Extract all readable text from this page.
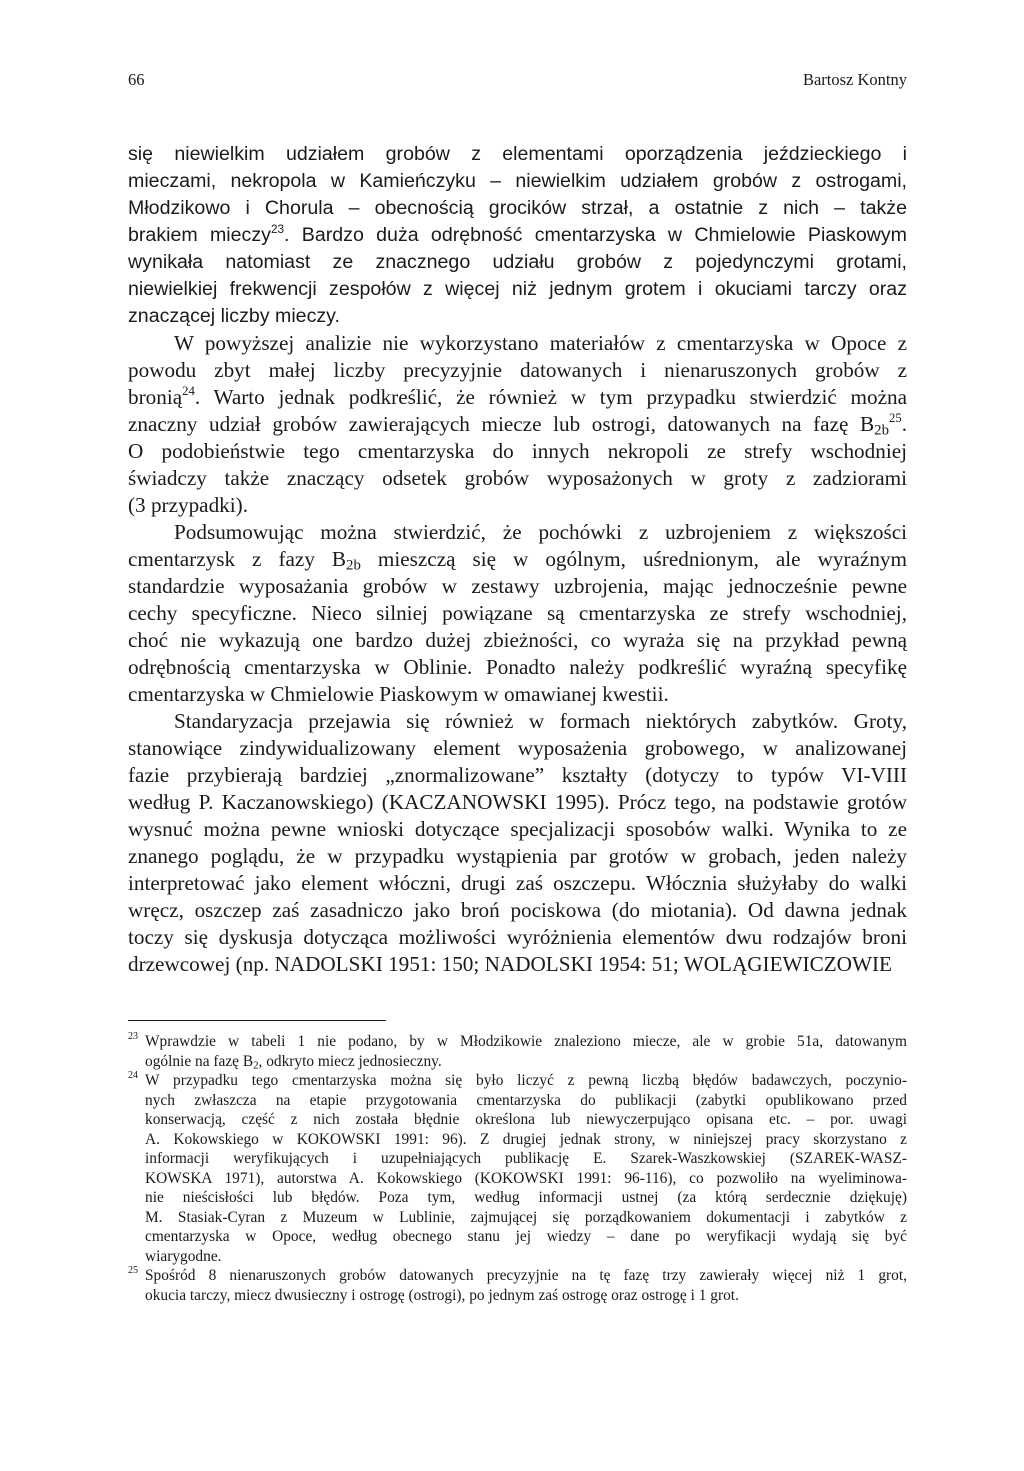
66	Bartosz Kontny
się niewielkim udziałem grobów z elementami oporządzenia jeździeckiego i
mieczami, nekropola w Kamieńczyku – niewielkim udziałem grobów z ostrogami,
Młodzikowo i Chorula – obecnością grocików strzał, a ostatnie z nich – także
brakiem mieczy$^{23}$. Bardzo duża odrębność cmentarzyska w Chmielowie Piaskowym
wynikała natomiast ze znacznego udziału grobów z pojedynczymi grotami,
niewielkiej frekwencji zespołów z więcej niż jednym grotem i okuciami tarczy oraz
znaczącej liczby mieczy.
W powyższej analizie nie wykorzystano materiałów z cmentarzyska w Opoce z
powodu zbyt małej liczby precyzyjnie datowanych i nienaruszonych grobów z
bronią$^{24}$. Warto jednak podkreślić, że również w tym przypadku stwierdzić można
znaczny udział grobów zawierających miecze lub ostrogi, datowanych na fazę $B_{2b}^{25}$.
O podobieństwie tego cmentarzyska do innych nekropoli ze strefy wschodniej
świadczy także znaczący odsetek grobów wyposażonych w groty z zadziorami
(3 przypadki).
Podsumowując można stwierdzić, że pochówki z uzbrojeniem z większości
cmentarzysk z fazy $B_{2b}$ mieszczą się w ogólnym, uśrednionym, ale wyraźnym
standardzie wyposażania grobów w zestawy uzbrojenia, mając jednocześnie pewne
cechy specyficzne. Nieco silniej powiązane są cmentarzyska ze strefy wschodniej,
choć nie wykazują one bardzo dużej zbieżności, co wyraża się na przykład pewną
odrębnością cmentarzyska w Oblinie. Ponadto należy podkreślić wyraźną specyfikę
cmentarzyska w Chmielowie Piaskowym w omawianej kwestii.
Standaryzacja przejawia się również w formach niektórych zabytków. Groty,
stanowiące zindywidualizowany element wyposażenia grobowego, w analizowanej
fazie przybierają bardziej „znormalizowane” kształty (dotyczy to typów VI-VIII
według P. Kaczanowskiego) (KACZANOWSKI 1995). Prócz tego, na podstawie grotów
wysnuć można pewne wnioski dotyczące specjalizacji sposobów walki. Wynika to ze
znanego poglądu, że w przypadku wystąpienia par grotów w grobach, jeden należy
interpretować jako element włóczni, drugi zaś oszczepu. Włócznia służyłaby do walki
wręcz, oszczep zaś zasadniczo jako broń pociskowa (do miotania). Od dawna jednak
toczy się dyskusja dotycząca możliwości wyróżnienia elementów dwu rodzajów broni
drzewcowej (np. NADOLSKI 1951: 150; NADOLSKI 1954: 51; WOLĄGIEWICZOWIE
23 Wprawdzie w tabeli 1 nie podano, by w Młodzikowie znaleziono miecze, ale w grobie 51a, datowanym
ogólnie na fazę $B_2$, odkryto miecz jednosieczny.
24 W przypadku tego cmentarzyska można się było liczyć z pewną liczbą błędów badawczych, poczynio-
nych zwłaszcza na etapie przygotowania cmentarzyska do publikacji (zabytki opublikowano przed
konserwacją, część z nich została błędnie określona lub niewyczerpująco opisana etc. – por. uwagi
A. Kokowskiego w KOKOWSKI 1991: 96). Z drugiej jednak strony, w niniejszej pracy skorzystano z
informacji weryfikujących i uzupełniających publikację E. Szarek-Waszkowskiej (SZAREK-WASZ-
KOWSKA 1971), autorstwa A. Kokowskiego (KOKOWSKI 1991: 96-116), co pozwoliło na wyeliminowa-
nie nieścisłości lub błędów. Poza tym, według informacji ustnej (za którą serdecznie dziękuję)
M. Stasiak-Cyran z Muzeum w Lublinie, zajmującej się porządkowaniem dokumentacji i zabytków z
cmentarzyska w Opoce, według obecnego stanu jej wiedzy – dane po weryfikacji wydają się być
wiarygodne.
25 Spośród 8 nienaruszonych grobów datowanych precyzyjnie na tę fazę trzy zawierały więcej niż 1 grot,
okucia tarczy, miecz dwusieczny i ostrogę (ostrogi), po jednym zaś ostrogę oraz ostrogę i 1 grot.
